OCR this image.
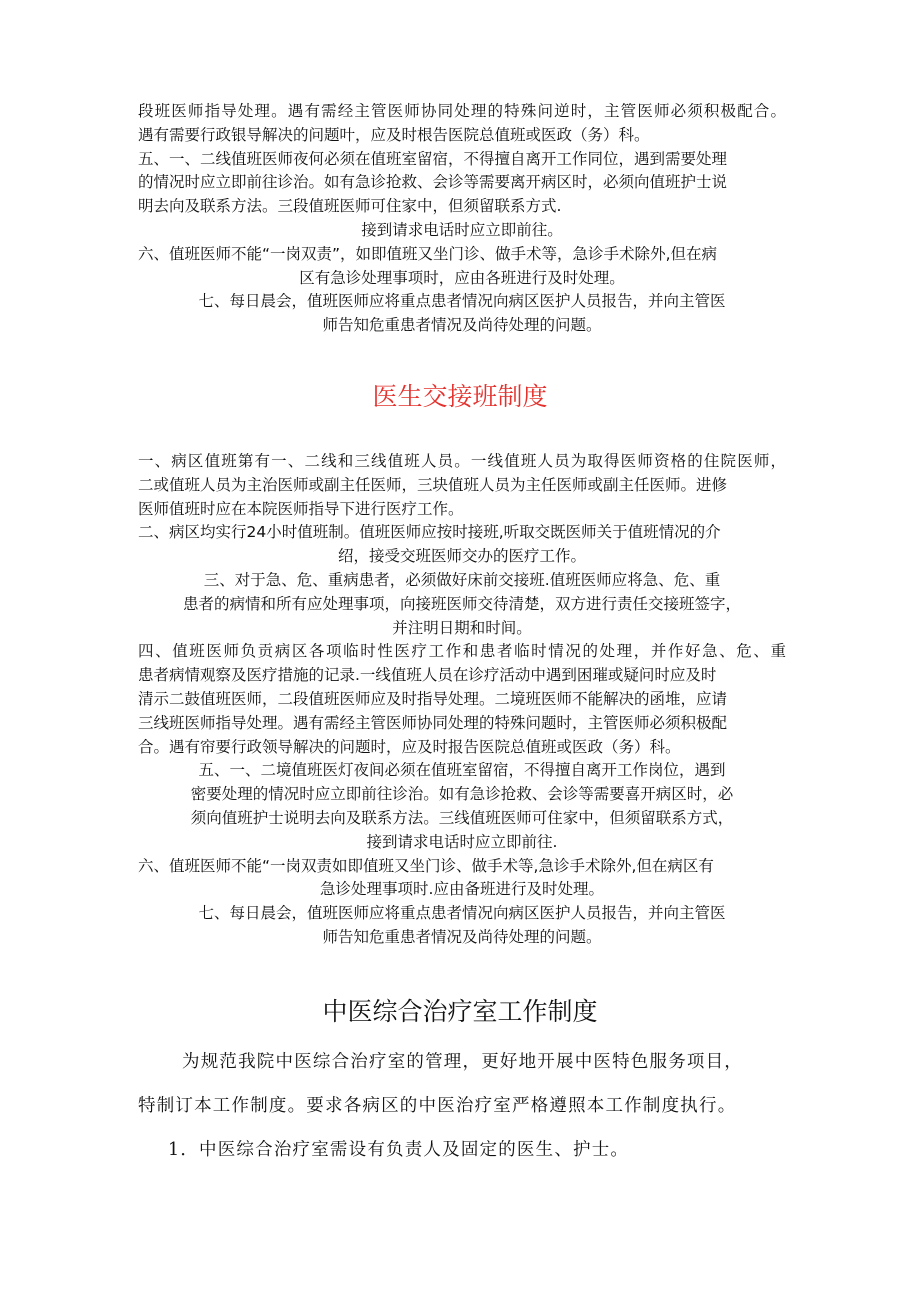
段班医师指导处理。遇有需经主管医师协同处理的特殊问逆时，主管医师必须积极配合。

遇有需要行政银导解决的问题叶，应及时根告医院总值班或医政（务）科。

五、一、二线值班医师夜何必须在值班室留宿，不得擅自离开工作同位，遇到需要处理

的情况时应立即前往诊治。如有急诊抢救、会诊等需要离开病区时，必须向值班护士说

明去向及联系方法。三段值班医师可住家中，但须留联系方式.

接到请求电话时应立即前往。

六、值班医师不能“一岗双责”，如即值班又坐门诊、做手术等，急诊手术除外,但在病

区有急诊处理事项时，应由各班进行及时处理。

七、每日晨会，值班医师应将重点患者情况向病区医护人员报告，并向主管医

师告知危重患者情况及尚待处理的问题。

医生交接班制度

一、病区值班第有一、二线和三线值班人员。一线值班人员为取得医师资格的住院医师，

二或值班人员为主治医师或副主任医师，三块值班人员为主任医师或副主任医师。进修

医师值班时应在本院医师指导下进行医疗工作。

二、病区均实行24小时值班制。值班医师应按时接班,听取交既医师关于值班情况的介

绍，接受交班医师交办的医疗工作。

三、对于急、危、重病患者，必须做好床前交接班.值班医师应将急、危、重

患者的病情和所有应处理事项，向接班医师交待清楚，双方进行责任交接班签字，

并注明日期和时间。

四、值班医师负贡病区各项临时性医疗工作和患者临时情况的处理，并作好急、危、重

患者病情观察及医疗措施的记录.一线值班人员在诊疗活动中遇到困璀或疑问时应及时

清示二鼓值班医师，二段值班医师应及时指导处理。二境班医师不能解决的函堆，应请

三线班医师指导处理。遇有需经主管医师协同处理的特殊问题时，主管医师必须积极配

合。遇有帘要行政领导解决的问题时，应及时报告医院总值班或医政（务）科。

五、一、二境值班医灯夜间必须在值班室留宿，不得擅自离开工作岗位，遇到

密要处理的情况时应立即前往诊治。如有急诊抢救、会诊等需要喜开病区时，必

须向值班护士说明去向及联系方法。三线值班医师可住家中，但须留联系方式，

接到请求电话时应立即前往.

六、值班医师不能“一岗双责如即值班又坐门诊、做手术等,急诊手术除外,但在病区有

急诊处理事项时.应由备班进行及时处理。

七、每日晨会，值班医师应将重点患者情况向病区医护人员报告，并向主管医

师告知危重患者情况及尚待处理的问题。

中医综合治疗室工作制度

为规范我院中医综合治疗室的管理，更好地开展中医特色服务项目，

特制订本工作制度。要求各病区的中医治疗室严格遵照本工作制度执行。

1．中医综合治疗室需设有负责人及固定的医生、护士。
